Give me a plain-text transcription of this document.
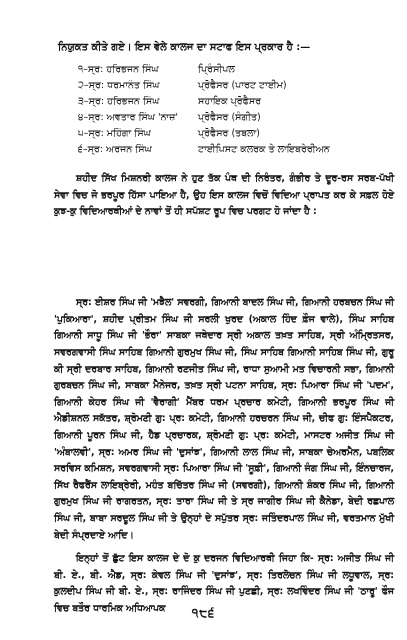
ਨਿਯੁਕਤ ਕੀਤੇ ਗਏ। ਇਸ ਵੇਲੇ ਕਾਲਜ ਦਾ ਸਟਾਫ ਇਸ ਪ੍ਰਕਾਰ ਹੈ :—
੧–ਸ੍ਰ: ਹਰਿਭਜਨ ਸਿੰਘ	ਪ੍ਰਿੰਸੀਪਲ
੨–ਸ੍ਰ: ਧਰਮਾਨੰਤ ਸਿੰਘ	ਪ੍ਰੋਫੈਸਰ (ਪਾਰਟ ਟਾਈਮ)
੩–ਸ੍ਰ: ਹਰਿਭਜਨ ਸਿੰਘ	ਸਹਾਇਕ ਪ੍ਰੋਫੈਸਰ
੪–ਸ੍ਰ: ਅਵਤਾਰ ਸਿੰਘ 'ਨਾਜ਼'	ਪ੍ਰੋਫੈਸਰ (ਸੰਗੀਤ)
੫–ਸ੍ਰ: ਮਹਿੰਗਾ ਸਿੰਘ	ਪ੍ਰੋਫੈਸਰ (ਤਬਲਾ)
੬–ਸ੍ਰ: ਅਰਜਨ ਸਿੰਘ	ਟਾਈਪਿਸਟ ਕਲਰਕ ਤੇ ਲਾਇਬਰੇਰੀਅਨ

ਸ਼ਹੀਦ ਸਿੱਖ ਮਿਸ਼ਨਰੀ ਕਾਲਜ ਨੇ ਹੁਣ ਤੱਕ ਪੰਥ ਦੀ ਨਿਰੰਤਰ, ਗੰਭੀਰ ਤੇ ਦੂਰ-ਰਸ ਸਰਬ-ਪੱਖੀ ਸੇਵਾ ਵਿਚ ਜੋ ਭਰਪੂਰ ਹਿੱਸਾ ਪਾਇਆ ਹੈ, ਉਹ ਇਸ ਕਾਲਜ ਵਿਚੋਂ ਵਿਦਿਆ ਪ੍ਰਾਪਤ ਕਰ ਕੇ ਸਫ਼ਲ ਹੋਏ ਕੁਝ-ਕੁ ਵਿਦਿਆਰਥੀਆਂ ਦੇ ਨਾਵਾਂ ਤੋਂ ਹੀ ਸਪੱਸ਼ਟ ਰੂਪ ਵਿਚ ਪਰਗਟ ਹੋ ਜਾਂਦਾ ਹੈ :

ਸ੍ਰ: ਈਸ਼ਰ ਸਿੰਘ ਜੀ 'ਮਝੈਲ' ਸਵਰਗੀ, ਗਿਆਨੀ ਬਾਦਲ ਸਿੰਘ ਜੀ, ਗਿਆਨੀ ਹਰਬਚਨ ਸਿੰਘ ਜੀ 'ਪੁਕਿਆਰਾ', ਸ਼ਹੀਦ ਪ੍ਰੀਤਮ ਸਿੰਘ ਜੀ ਸਰਲੀ ਖੁਰਦ (ਅਕਾਲ ਹਿੰਦ ਫ਼ੌਜ ਵਾਲੇ), ਸਿੰਘ ਸਾਹਿਬ ਗਿਆਨੀ ਸਾਧੂ ਸਿੰਘ ਜੀ 'ਭੌਰਾ' ਸਾਬਕਾ ਜਥੇਦਾਰ ਸ੍ਰੀ ਅਕਾਲ ਤਖ਼ਤ ਸਾਹਿਬ, ਸ੍ਰੀ ਅੰਮ੍ਰਿਤਸਰ, ਸਵਰਗਵਾਸੀ ਸਿੰਘ ਸਾਹਿਬ ਗਿਆਨੀ ਗੁਰਮੁਖ ਸਿੰਘ ਜੀ, ਸਿੰਘ ਸਾਹਿਬ ਗਿਆਨੀ ਸਾਹਿਬ ਸਿੰਘ ਜੀ, ਗੁਰੂ ਕੀ ਸ੍ਰੀ ਦਰਬਾਰ ਸਾਹਿਬ, ਗਿਆਨੀ ਰਣਜੀਤ ਸਿੰਘ ਜੀ, ਰਾਧਾ ਸੁਆਮੀ ਮਤ ਵਿਚਾਰਨੀ ਸਭਾ, ਗਿਆਨੀ ਗੁਰਬਚਨ ਸਿੰਘ ਜੀ, ਸਾਬਕਾ ਮੈਨੇਜਰ, ਤਖ਼ਤ ਸ੍ਰੀ ਪਟਨਾ ਸਾਹਿਬ, ਸ੍ਰ: ਪਿਆਰਾ ਸਿੰਘ ਜੀ 'ਪਦਮ', ਗਿਆਨੀ ਕੇਹਰ ਸਿੰਘ ਜੀ 'ਵੈਰਾਗੀ' ਮੈਂਬਰ ਧਰਮ ਪ੍ਰਚਾਰ ਕਮੇਟੀ, ਗਿਆਨੀ ਭਰਪੂਰ ਸਿੰਘ ਜੀ ਐਡੀਸ਼ਨਲ ਸਕੱਤਰ, ਸ਼੍ਰੋਮਣੀ ਗੁ: ਪ੍ਰ: ਕਮੇਟੀ, ਗਿਆਨੀ ਹਰਚਰਨ ਸਿੰਘ ਜੀ, ਚੀਫ ਗੁ: ਇੰਸਪੈਕਟਰ, ਗਿਆਨੀ ਪੂਰਨ ਸਿੰਘ ਜੀ, ਹੈਡ ਪ੍ਰਚਾਰਕ, ਸ਼੍ਰੋਮਣੀ ਗੁ: ਪ੍ਰ: ਕਮੇਟੀ, ਮਾਸਟਰ ਅਜੀਤ ਸਿੰਘ ਜੀ 'ਅੰਬਾਲਵੀ', ਸ੍ਰ: ਅਮਰ ਸਿੰਘ ਜੀ 'ਦੁਸਾਂਝ', ਗਿਆਨੀ ਲਾਲ ਸਿੰਘ ਜੀ, ਸਾਬਕਾ ਚੇਅਰਮੈਨ, ਪਬਲਿਕ ਸਰਵਿਸ ਕਮਿਸ਼ਨ, ਸਵਰਗਵਾਸੀ ਸ੍ਰ: ਪਿਆਰਾ ਸਿੰਘ ਜੀ 'ਸੂਫ਼ੀ', ਗਿਆਨੀ ਜੰਗ ਸਿੰਘ ਜੀ, ਇੰਨਚਾਰਜ, ਸਿੱਖ ਰੈਫਰੈਂਸ ਲਾਇਬ੍ਰੇਰੀ, ਮਹੰਤ ਬਚਿੱਤਰ ਸਿੰਘ ਜੀ (ਸਵਰਗੀ), ਗਿਆਨੀ ਸ਼ੰਕਰ ਸਿੰਘ ਜੀ, ਗਿਆਨੀ ਗੁਰਮੁਖ ਸਿੰਘ ਜੀ ਰਾਗਰਤਨ, ਸ੍ਰ: ਤਾਰਾ ਸਿੰਘ ਜੀ ਤੇ ਸ੍ਰ ਜਾਗੀਰ ਸਿੰਘ ਜੀ ਕੈਨੇਡਾ, ਬੇਦੀ ਰਛਪਾਲ ਸਿੰਘ ਜੀ, ਬਾਬਾ ਸਰਦੂਲ ਸਿੰਘ ਜੀ ਤੇ ਉਨ੍ਹਾਂ ਦੇ ਸਪੁੱਤਰ ਸ੍ਰ: ਜਤਿੰਦਰਪਾਲ ਸਿੰਘ ਜੀ, ਵਰਤਮਾਨ ਮੁੱਖੀ ਬੇਦੀ ਸੰਪ੍ਰਦਾਏ ਆਦਿ।

ਇਨ੍ਹਾਂ ਤੋਂ ਛੁੱਟ ਇਸ ਕਾਲਜ ਦੇ ਦੋ ਕੁ ਦਰਜਨ ਵਿਦਿਆਰਥੀ ਜਿਹਾ ਕਿ- ਸ੍ਰ: ਅਜੀਤ ਸਿੰਘ ਜੀ ਬੀ. ਏ., ਬੀ. ਐਡ, ਸ੍ਰ: ਕੇਵਲ ਸਿੰਘ ਜੀ 'ਦੁਸਾਂਝ', ਸ੍ਰ: ਤਿਰਲੋਚਨ ਸਿੰਘ ਜੀ ਲਧੂਵਾਲ, ਸ੍ਰ: ਕੁਲਦੀਪ ਸਿੰਘ ਜੀ ਬੀ. ਏ., ਸ੍ਰ: ਰਾਜਿੰਦਰ ਸਿੰਘ ਜੀ ਪੁਣਛੀ, ਸ੍ਰ: ਲਖਵਿੰਦਰ ਸਿੰਘ ਜੀ 'ਠਾਰੂ' ਫੌਜ ਵਿਚ ਬਤੌਰ ਧਾਰਮਿਕ ਅਧਿਆਪਕ	੧੮੬
